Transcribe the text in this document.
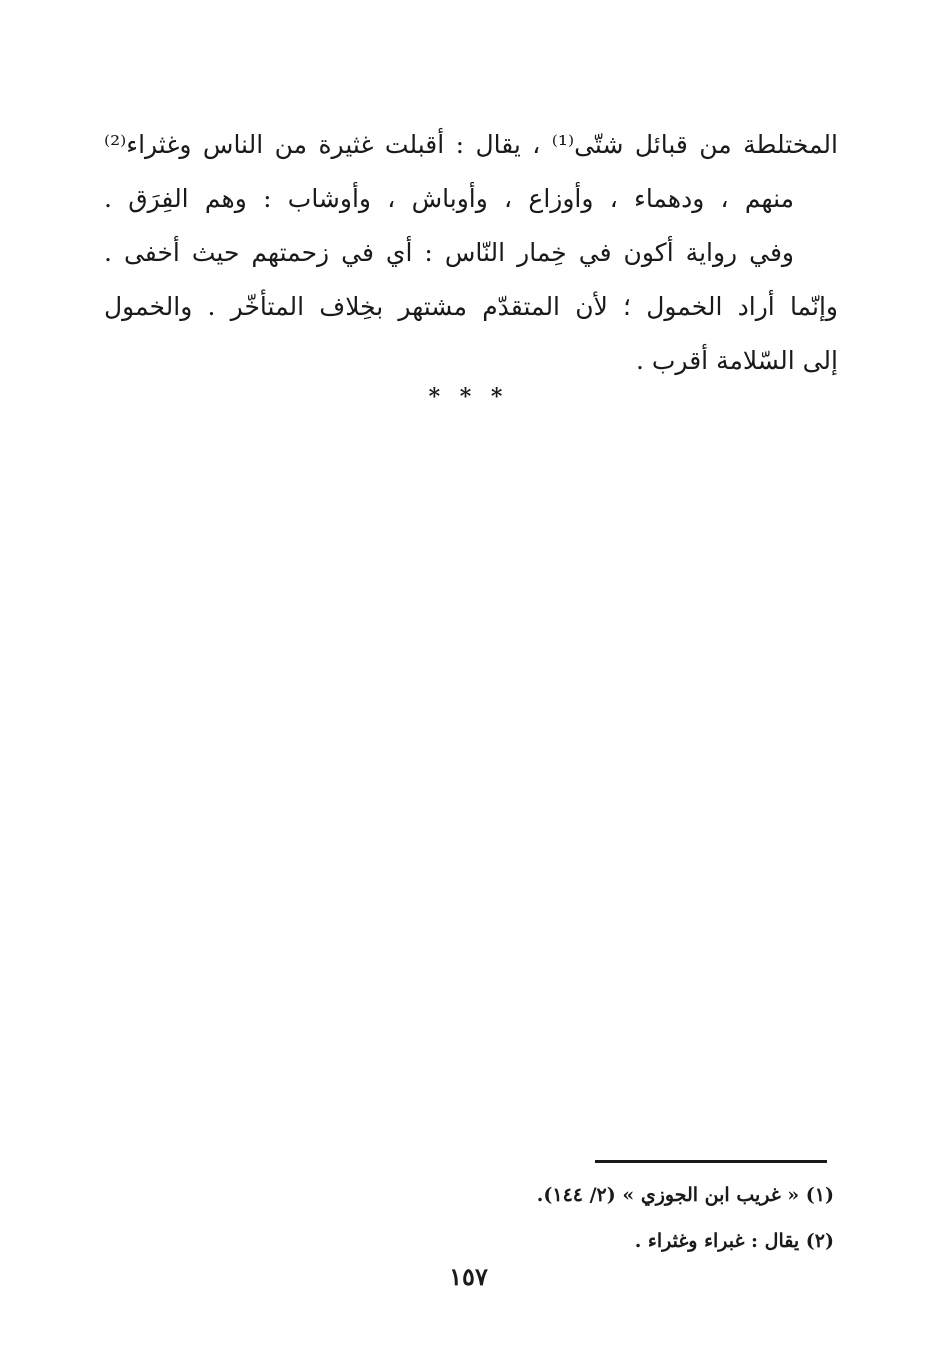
المختلطة من قبائل شتّى⁽¹⁾ ، يقال : أقبلت غثيرة من الناس وغثراء⁽²⁾
منهم ، ودهماء ، وأوزاع ، وأوباش ، وأوشاب : وهم الفِرَق .
وفي رواية أكون في خِمار النّاس : أي في زحمتهم حيث أخفى .
وإنّما أراد الخمول ؛ لأن المتقدّم مشتهر بخِلاف المتأخّر . والخمول
إلى السّلامة أقرب .
* * *
(١) « غريب ابن الجوزي » (٢/ ١٤٤).
(٢) يقال : غبراء وغثراء .
١٥٧
